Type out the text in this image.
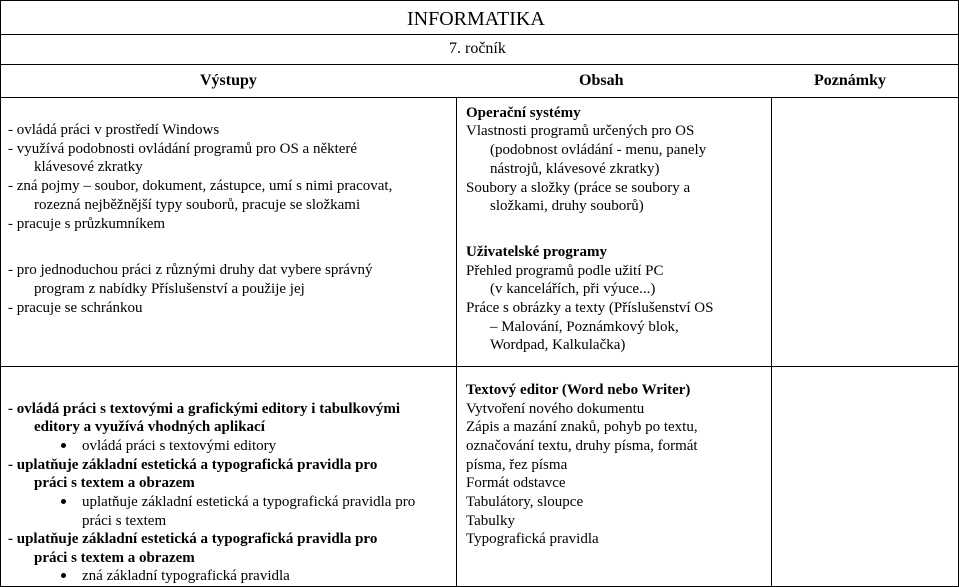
INFORMATIKA
7. ročník
Výstupy	Obsah	Poznámky
- ovládá práci v prostředí Windows
- využívá podobnosti ovládání programů pro OS a některé
klávesové zkratky
- zná pojmy – soubor, dokument, zástupce, umí s nimi pracovat,
rozezná nejběžnější typy souborů, pracuje se složkami
- pracuje s průzkumníkem
- pro jednoduchou práci z různými druhy dat vybere správný
program z nabídky Příslušenství a použije jej
- pracuje se schránkou
Operační systémy
Vlastnosti programů určených pro OS
(podobnost ovládání - menu, panely
nástrojů, klávesové zkratky)
Soubory a složky (práce se soubory a
složkami, druhy souborů)
Uživatelské programy
Přehled programů podle užití PC
(v kancelářích, při výuce...)
Práce s obrázky a texty (Příslušenství OS
– Malování, Poznámkový blok,
Wordpad, Kalkulačka)
- ovládá práci s textovými a grafickými editory i tabulkovými
editory a využívá vhodných aplikací
ovládá práci s textovými editory
- uplatňuje základní estetická a typografická pravidla pro
práci s textem a obrazem
uplatňuje základní estetická a typografická pravidla pro
práci s textem
- uplatňuje základní estetická a typografická pravidla pro
práci s textem a obrazem
zná základní typografická pravidla
Textový editor (Word nebo Writer)
Vytvoření nového dokumentu
Zápis a mazání znaků, pohyb po textu,
označování textu, druhy písma, formát
písma, řez písma
Formát odstavce
Tabulátory, sloupce
Tabulky
Typografická pravidla
